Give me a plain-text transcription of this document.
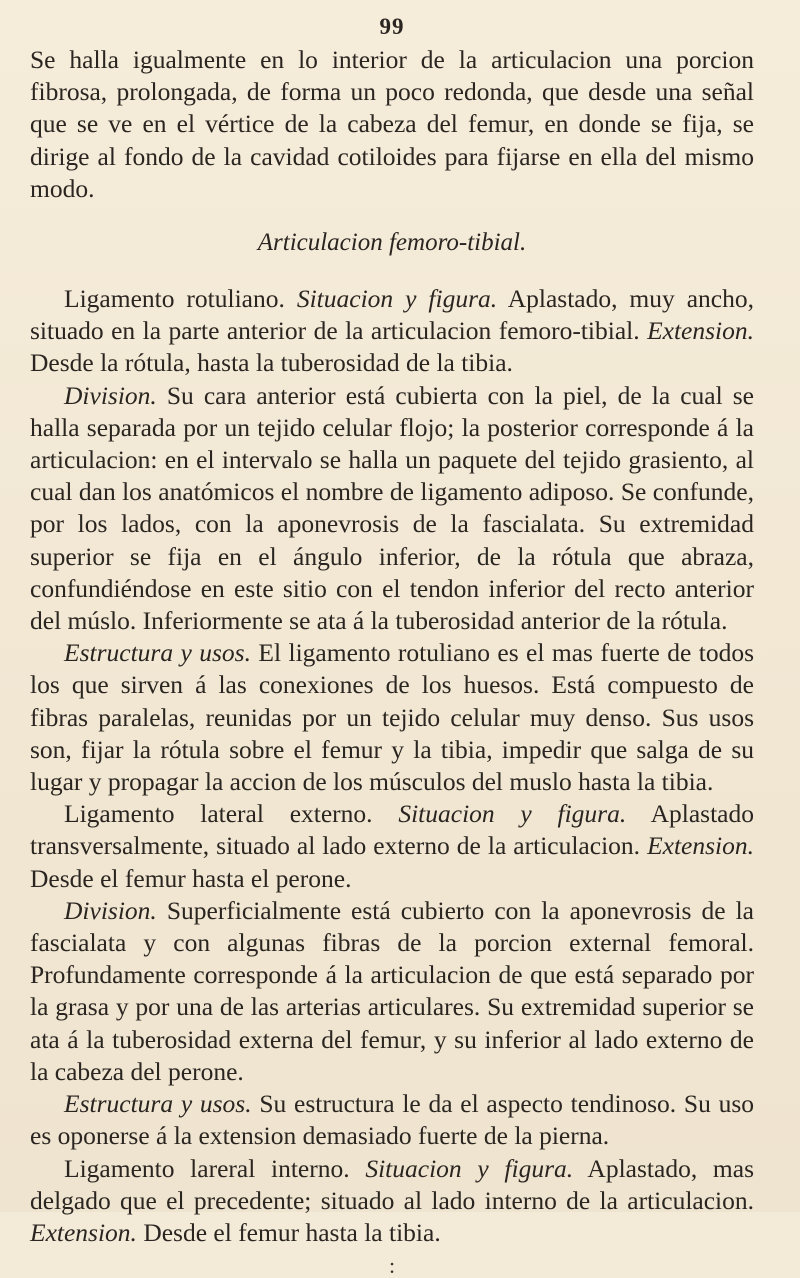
99

Se halla igualmente en lo interior de la articulacion una porcion fibrosa, prolongada, de forma un poco redonda, que desde una señal que se ve en el vértice de la cabeza del femur, en donde se fija, se dirige al fondo de la cavidad cotiloides para fijarse en ella del mismo modo.

Articulacion femoro-tibial.

Ligamento rotuliano. Situacion y figura. Aplastado, muy ancho, situado en la parte anterior de la articulacion femoro-tibial. Extension. Desde la rótula, hasta la tuberosidad de la tibia.

Division. Su cara anterior está cubierta con la piel, de la cual se halla separada por un tejido celular flojo; la posterior corresponde á la articulacion: en el intervalo se halla un paquete del tejido grasiento, al cual dan los anatómicos el nombre de ligamento adiposo. Se confunde, por los lados, con la aponevrosis de la fascialata. Su extremidad superior se fija en el ángulo inferior, de la rótula que abraza, confundiéndose en este sitio con el tendon inferior del recto anterior del múslo. Inferiormente se ata á la tuberosidad anterior de la rótula.

Estructura y usos. El ligamento rotuliano es el mas fuerte de todos los que sirven á las conexiones de los huesos. Está compuesto de fibras paralelas, reunidas por un tejido celular muy denso. Sus usos son, fijar la rótula sobre el femur y la tibia, impedir que salga de su lugar y propagar la accion de los músculos del muslo hasta la tibia.

Ligamento lateral externo. Situacion y figura. Aplastado transversalmente, situado al lado externo de la articulacion. Extension. Desde el femur hasta el perone.

Division. Superficialmente está cubierto con la aponevrosis de la fascialata y con algunas fibras de la porcion external femoral. Profundamente corresponde á la articulacion de que está separado por la grasa y por una de las arterias articulares. Su extremidad superior se ata á la tuberosidad externa del femur, y su inferior al lado externo de la cabeza del perone.

Estructura y usos. Su estructura le da el aspecto tendinoso. Su uso es oponerse á la extension demasiado fuerte de la pierna.

Ligamento lareral interno. Situacion y figura. Aplastado, mas delgado que el precedente; situado al lado interno de la articulacion. Extension. Desde el femur hasta la tibia.

:
